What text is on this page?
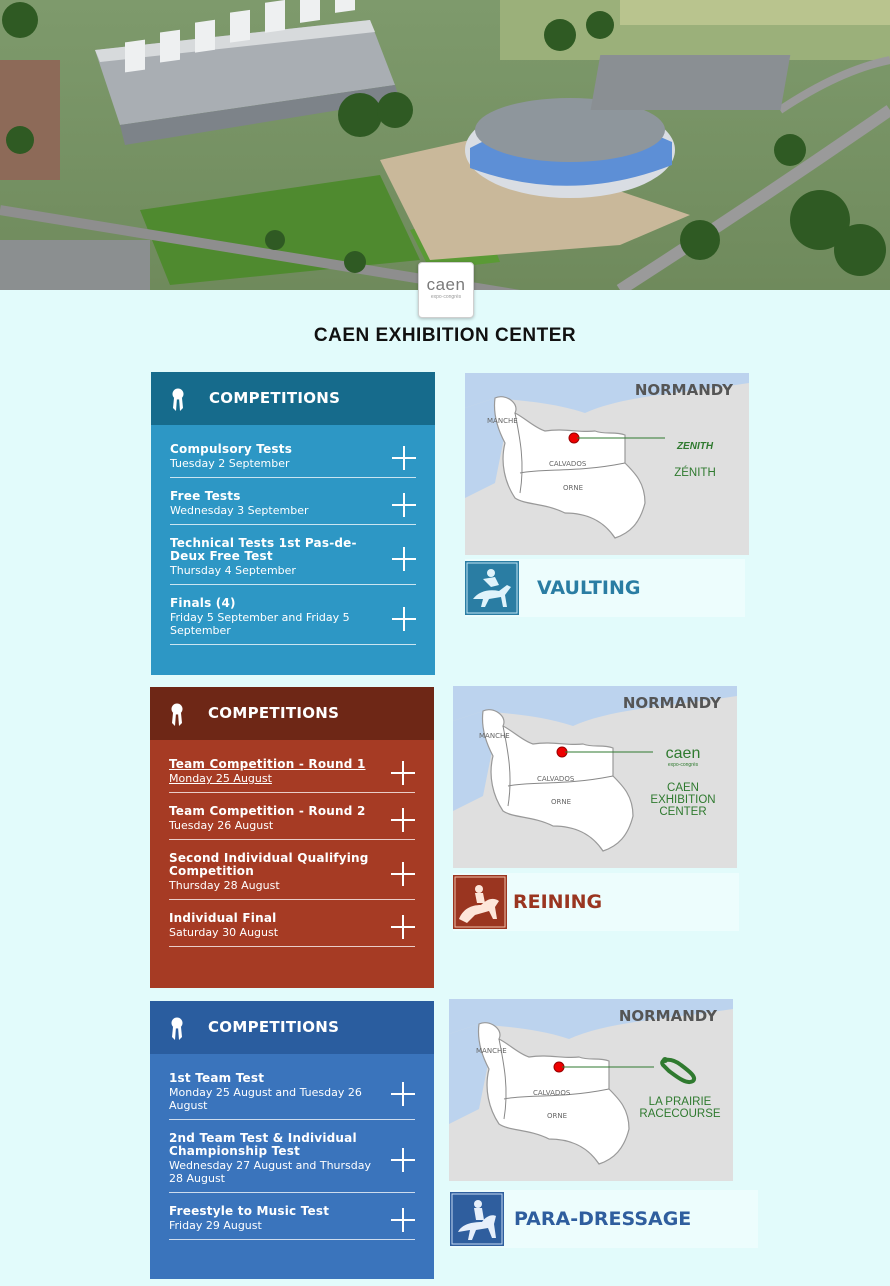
caen
expo·congrès
CAEN EXHIBITION CENTER
COMPETITIONS
Compulsory Tests
Tuesday 2 September
Free Tests
Wednesday 3 September
Technical Tests 1st Pas-de-Deux Free Test
Thursday 4 September
Finals (4)
Friday 5 September and Friday 5 September
MANCHE
CALVADOS
ORNE
NORMANDY
ZENITH
ZÉNITH
VAULTING
COMPETITIONS
Team Competition - Round 1
Monday 25 August
Team Competition - Round 2
Tuesday 26 August
Second Individual Qualifying Competition
Thursday 28 August
Individual Final
Saturday 30 August
MANCHE
CALVADOS
ORNE
NORMANDY
caen
expo-congrès
CAEN EXHIBITION CENTER
REINING
COMPETITIONS
1st Team Test
Monday 25 August and Tuesday 26 August
2nd Team Test & Individual Championship Test
Wednesday 27 August and Thursday 28 August
Freestyle to Music Test
Friday 29 August
MANCHE
CALVADOS
ORNE
NORMANDY
LA PRAIRIE RACECOURSE
PARA-DRESSAGE
